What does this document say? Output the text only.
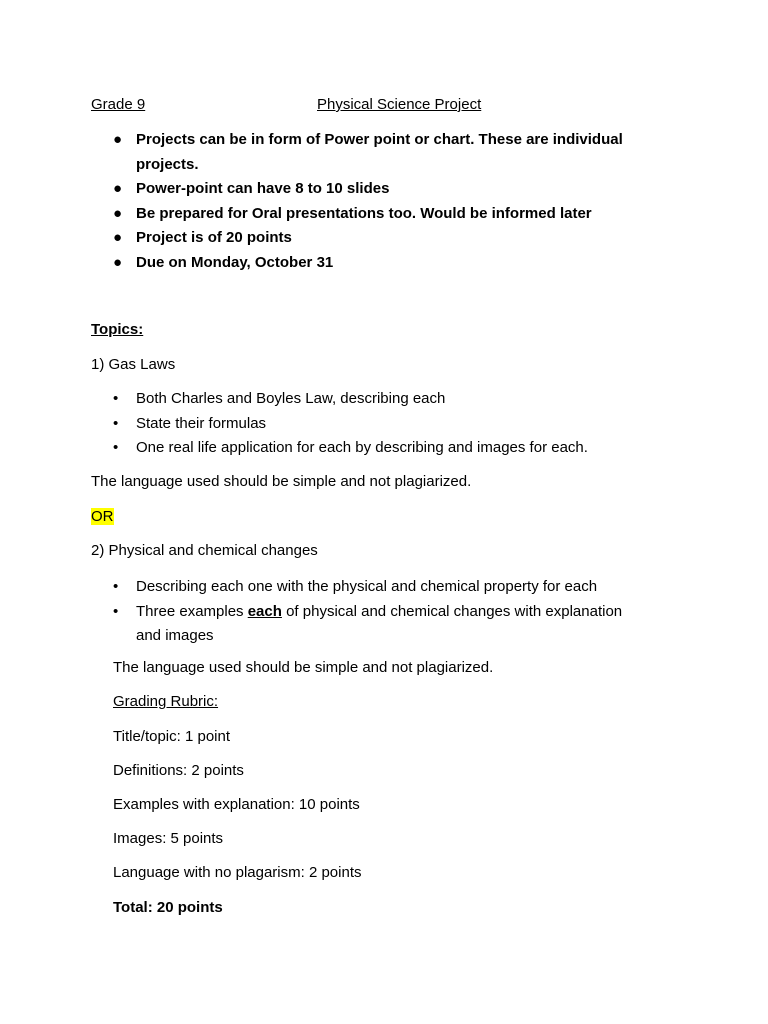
Grade 9	Physical Science Project
● Projects can be in form of Power point or chart. These are individual
projects.
● Power-point can have 8 to 10 slides
● Be prepared for Oral presentations too. Would be informed later
● Project is of 20 points
● Due on Monday, October 31
Topics:
1) Gas Laws
• Both Charles and Boyles Law, describing each
• State their formulas
• One real life application for each by describing and images for each.
The language used should be simple and not plagiarized.
OR
2) Physical and chemical changes
• Describing each one with the physical and chemical property for each
• Three examples each of physical and chemical changes with explanation
and images
The language used should be simple and not plagiarized.
Grading Rubric:
Title/topic: 1 point
Definitions: 2 points
Examples with explanation: 10 points
Images: 5 points
Language with no plagarism: 2 points
Total: 20 points
